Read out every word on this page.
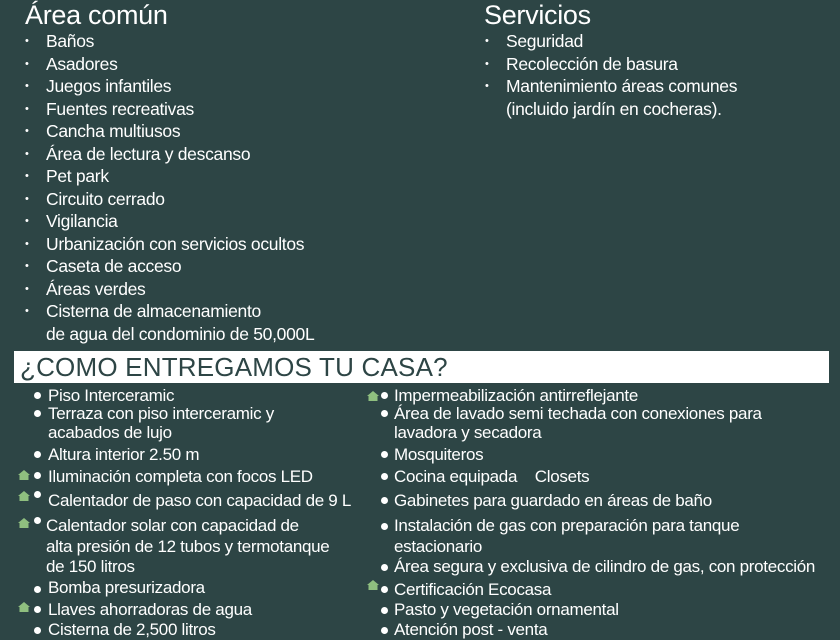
Área común
• Baños
• Asadores
• Juegos infantiles
• Fuentes recreativas
• Cancha multiusos
• Área de lectura y descanso
• Pet park
• Circuito cerrado
• Vigilancia
• Urbanización con servicios ocultos
• Caseta de acceso
• Áreas verdes
• Cisterna de almacenamiento
de agua del condominio de 50,000L
Servicios
• Seguridad
• Recolección de basura
• Mantenimiento áreas comunes
(incluido jardín en cocheras).
¿COMO ENTREGAMOS TU CASA?
Piso Interceramic
Terraza con piso interceramic y
acabados de lujo
Altura interior 2.50 m
Iluminación completa con focos LED
Calentador de paso con capacidad de 9 L
Calentador solar con capacidad de
alta presión de 12 tubos y termotanque
de 150 litros
Bomba presurizadora
Llaves ahorradoras de agua
Cisterna de 2,500 litros
Impermeabilización antirreflejante
Área de lavado semi techada con conexiones para
lavadora y secadora
Mosquiteros
Cocina equipada    Closets
Gabinetes para guardado en áreas de baño
Instalación de gas con preparación para tanque
estacionario
Área segura y exclusiva de cilindro de gas, con protección
Certificación Ecocasa
Pasto y vegetación ornamental
Atención post - venta
